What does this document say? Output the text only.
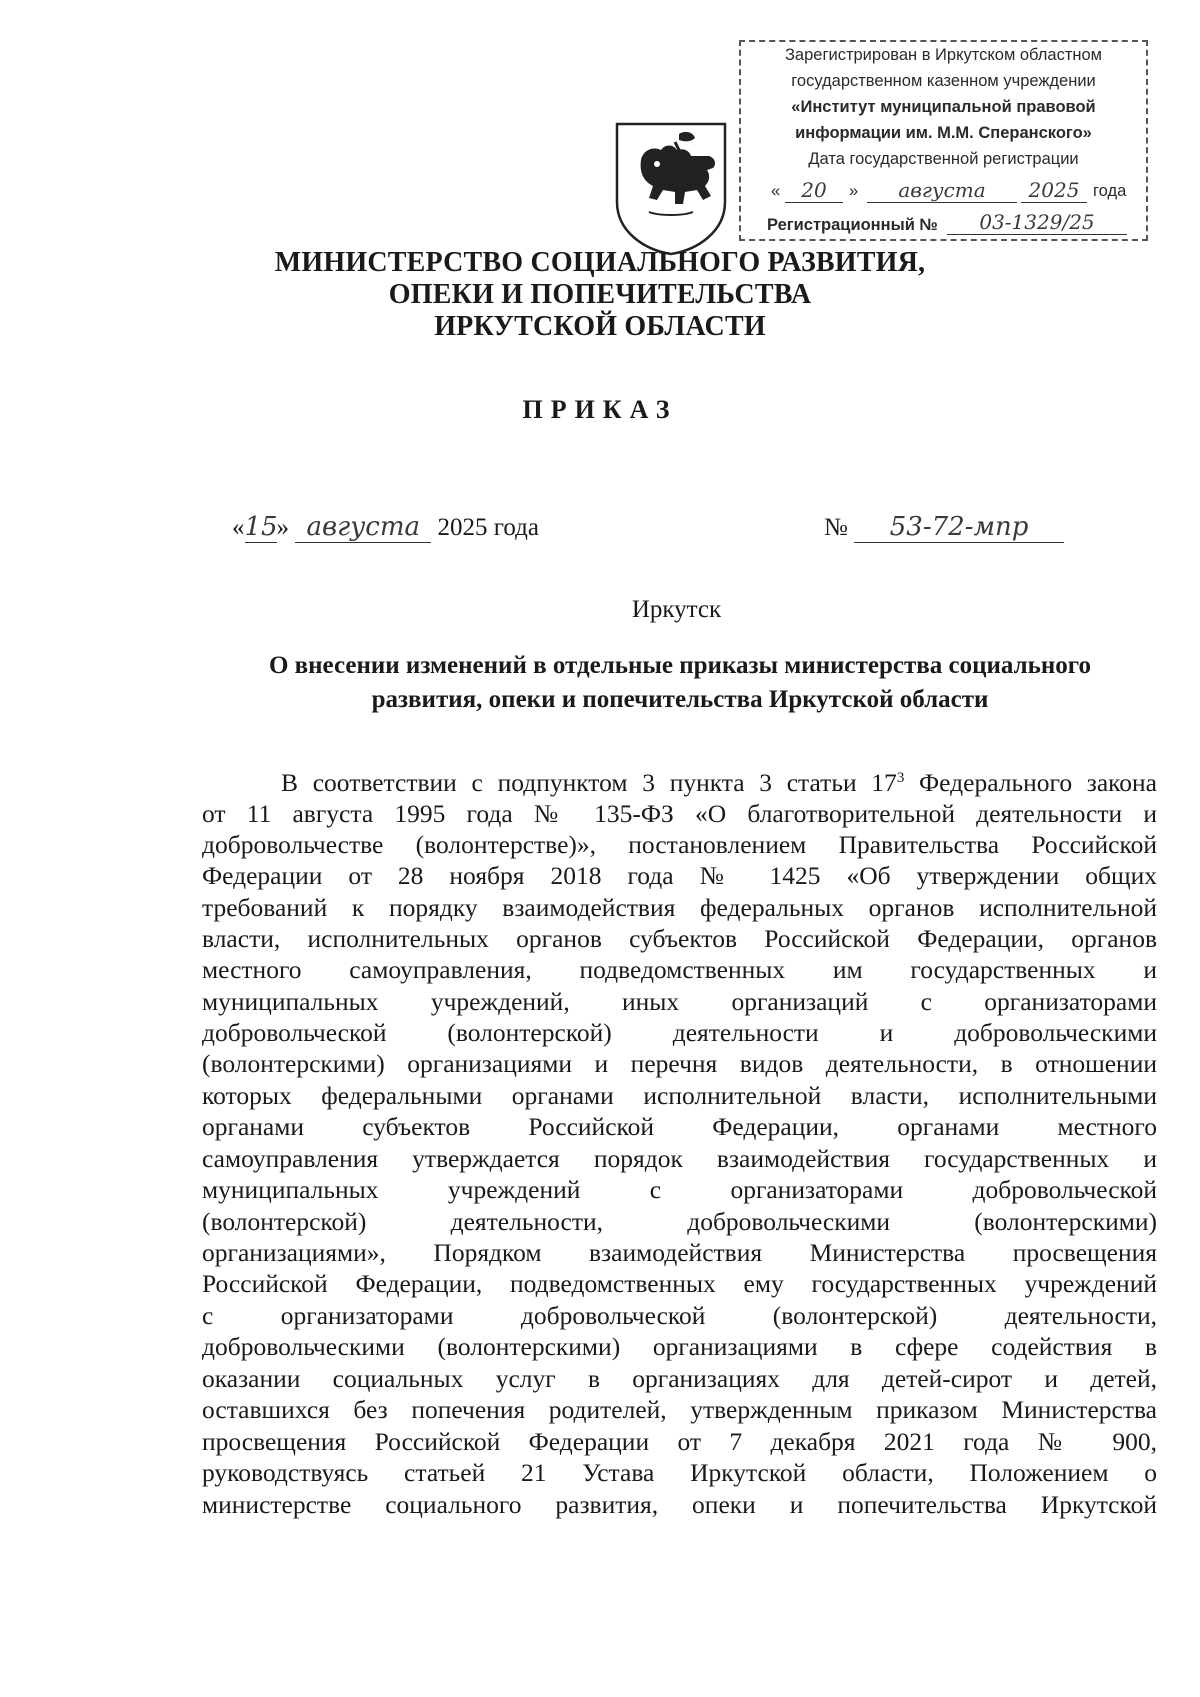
Зарегистрирован в Иркутском областном
государственном казенном учреждении
«Институт муниципальной правовой
информации им. М.М. Сперанского»
Дата государственной регистрации
«	20	»	августа	2025 года
Регистрационный №	03-1329/25
МИНИСТЕРСТВО СОЦИАЛЬНОГО РАЗВИТИЯ,
ОПЕКИ И ПОПЕЧИТЕЛЬСТВА
ИРКУТСКОЙ ОБЛАСТИ
ПРИКАЗ
«15» августа 2025 года	№ 53-72-мпр
Иркутск
О внесении изменений в отдельные приказы министерства социального
развития, опеки и попечительства Иркутской области
В соответствии с подпунктом 3 пункта 3 статьи $17^3$ Федерального закона
от 11 августа 1995 года № 135-ФЗ «О благотворительной деятельности и
добровольчестве (волонтерстве)», постановлением Правительства Российской
Федерации от 28 ноября 2018 года № 1425 «Об утверждении общих
требований к порядку взаимодействия федеральных органов исполнительной
власти, исполнительных органов субъектов Российской Федерации, органов
местного самоуправления, подведомственных им государственных и
муниципальных учреждений, иных организаций с организаторами
добровольческой (волонтерской) деятельности и добровольческими
(волонтерскими) организациями и перечня видов деятельности, в отношении
которых федеральными органами исполнительной власти, исполнительными
органами субъектов Российской Федерации, органами местного
самоуправления утверждается порядок взаимодействия государственных и
муниципальных учреждений с организаторами добровольческой
(волонтерской) деятельности, добровольческими (волонтерскими)
организациями», Порядком взаимодействия Министерства просвещения
Российской Федерации, подведомственных ему государственных учреждений
с организаторами добровольческой (волонтерской) деятельности,
добровольческими (волонтерскими) организациями в сфере содействия в
оказании социальных услуг в организациях для детей-сирот и детей,
оставшихся без попечения родителей, утвержденным приказом Министерства
просвещения Российской Федерации от 7 декабря 2021 года № 900,
руководствуясь статьей 21 Устава Иркутской области, Положением о
министерстве социального развития, опеки и попечительства Иркутской
